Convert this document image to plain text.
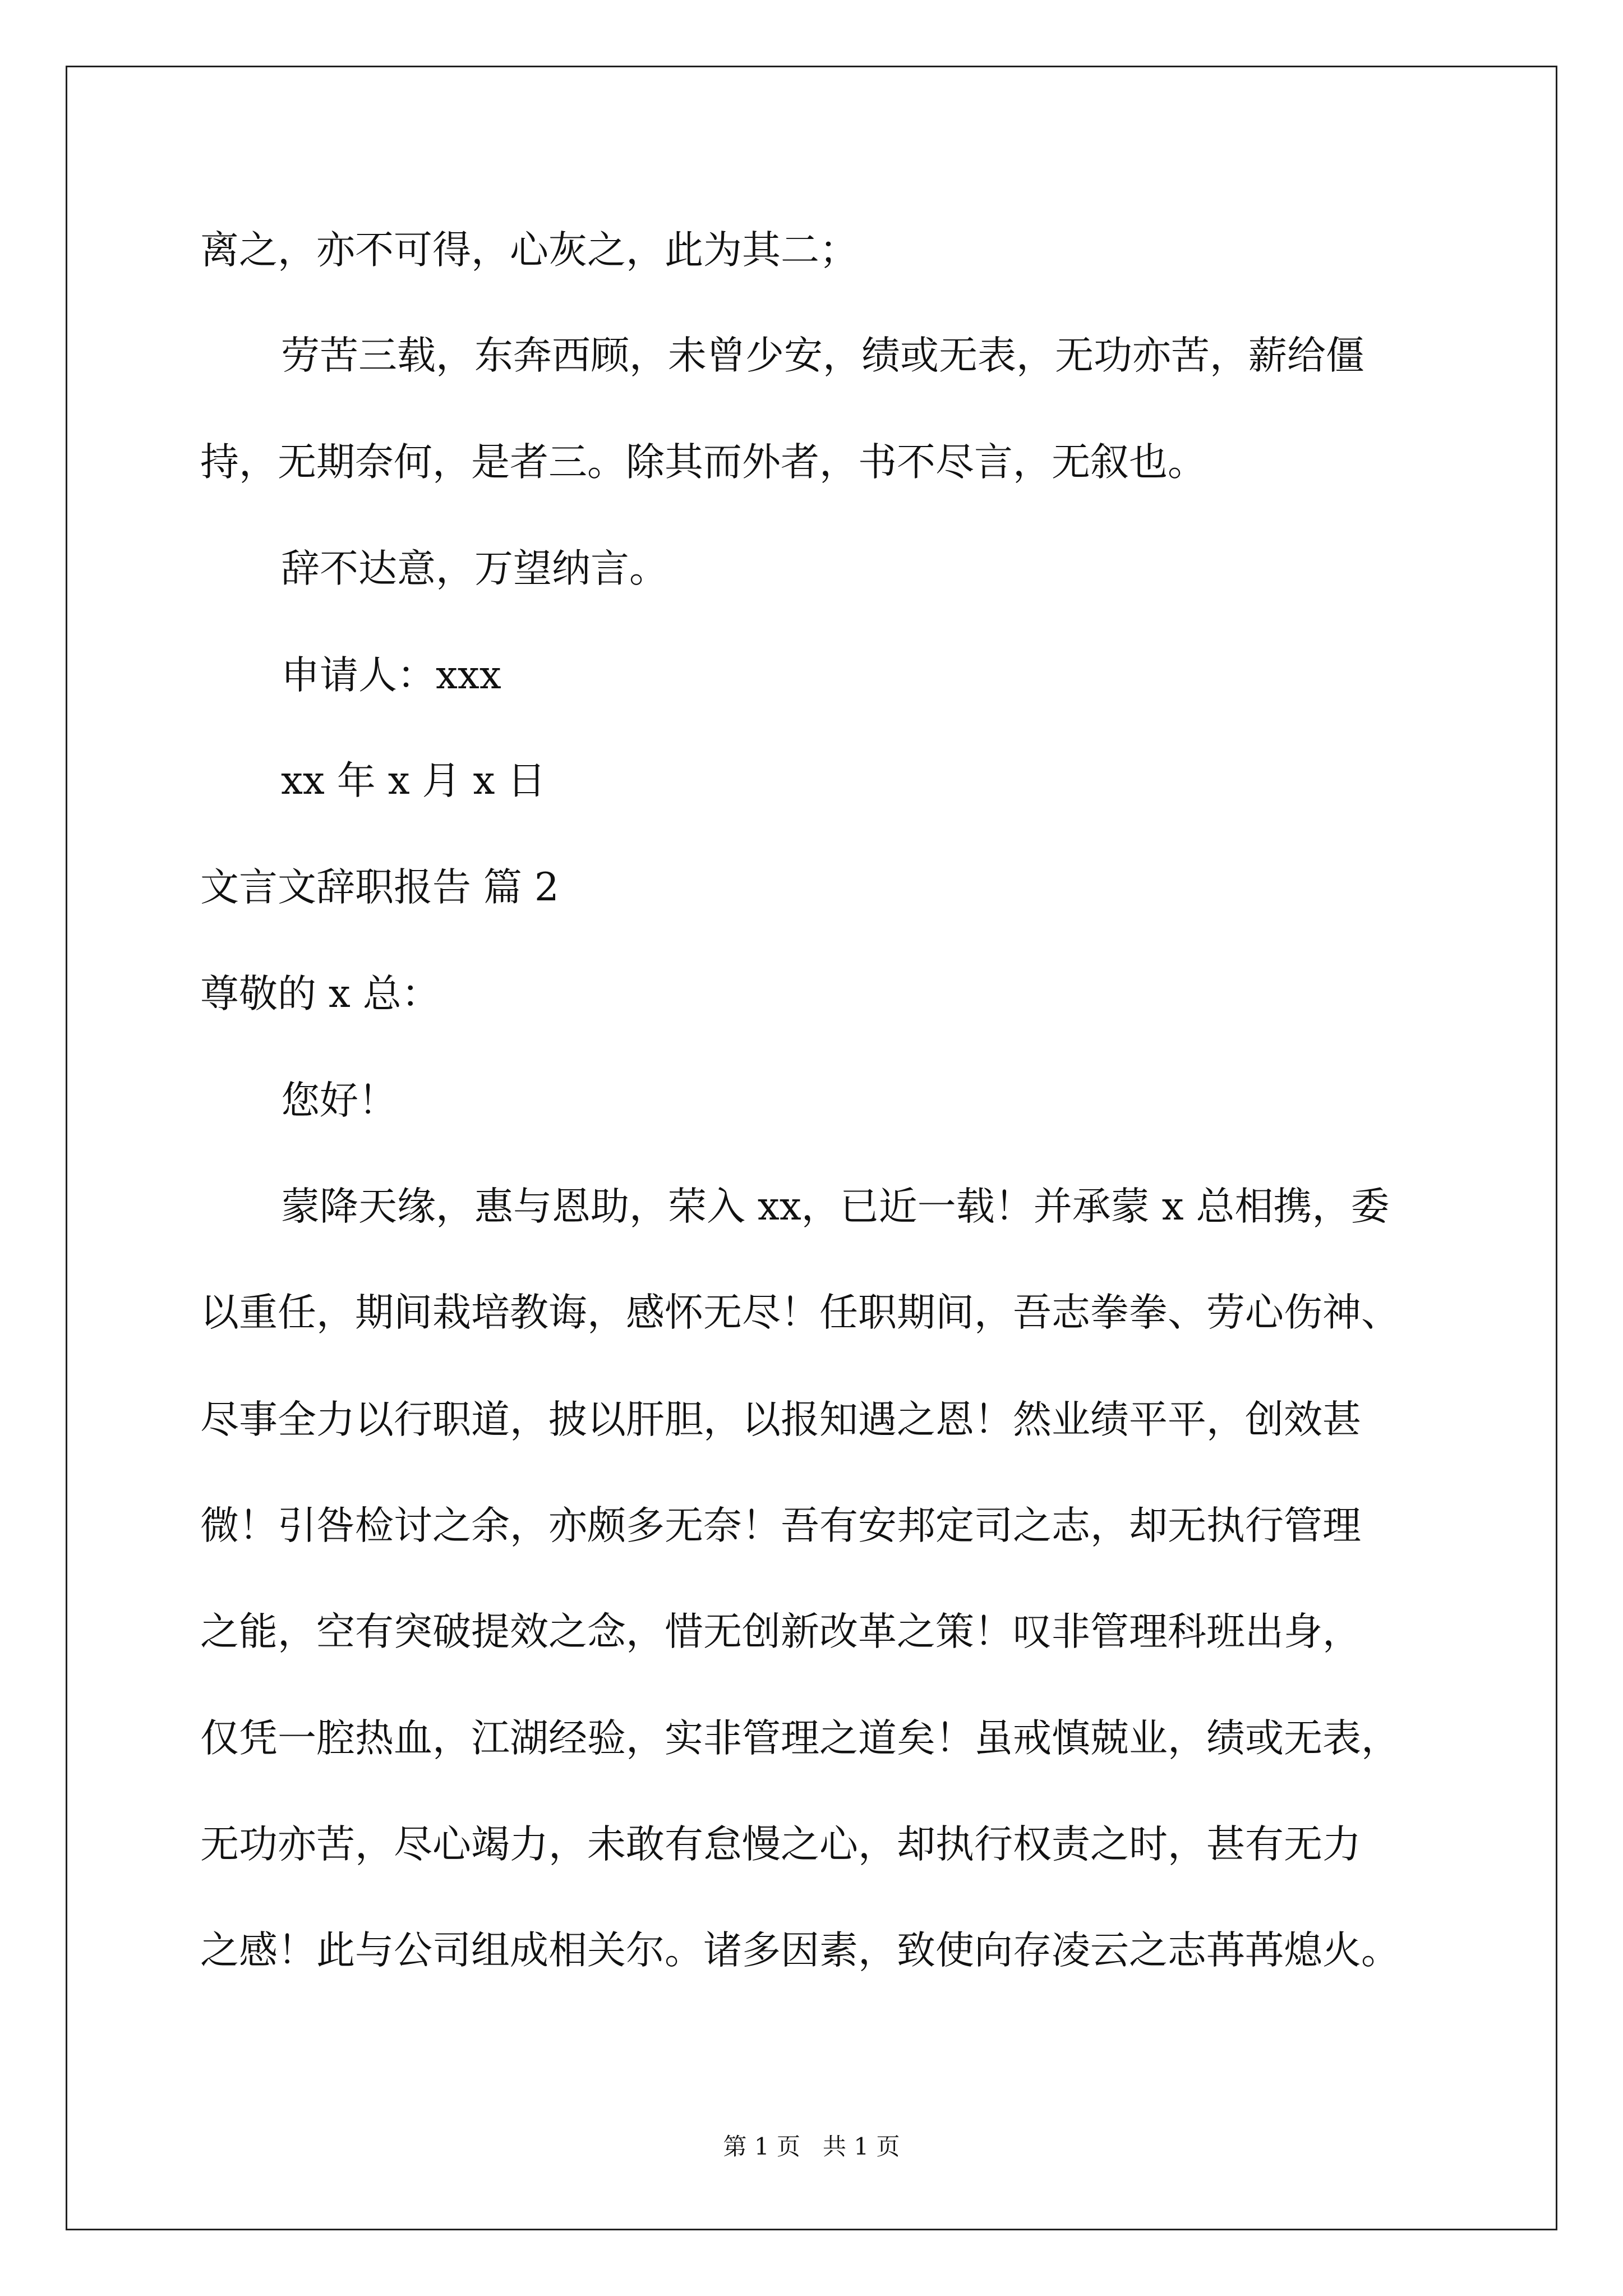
离之，亦不可得，心灰之，此为其二；
劳苦三载，东奔西顾，未曾少安，绩或无表，无功亦苦，薪给僵
持，无期奈何，是者三。除其而外者，书不尽言，无叙也。
辞不达意，万望纳言。
申请人：xxx
xx 年 x 月 x 日
文言文辞职报告 篇 2
尊敬的 x 总：
您好！
蒙降天缘，惠与恩助，荣入 xx，已近一载！并承蒙 x 总相携，委
以重任，期间栽培教诲，感怀无尽！任职期间，吾志拳拳、劳心伤神、
尽事全力以行职道，披以肝胆，以报知遇之恩！然业绩平平，创效甚
微！引咎检讨之余，亦颇多无奈！吾有安邦定司之志，却无执行管理
之能，空有突破提效之念，惜无创新改革之策！叹非管理科班出身，
仅凭一腔热血，江湖经验，实非管理之道矣！虽戒慎兢业，绩或无表，
无功亦苦，尽心竭力，未敢有怠慢之心，却执行权责之时，甚有无力
之感！此与公司组成相关尔。诸多因素，致使向存凌云之志苒苒熄火。
第 1 页   共 1 页
